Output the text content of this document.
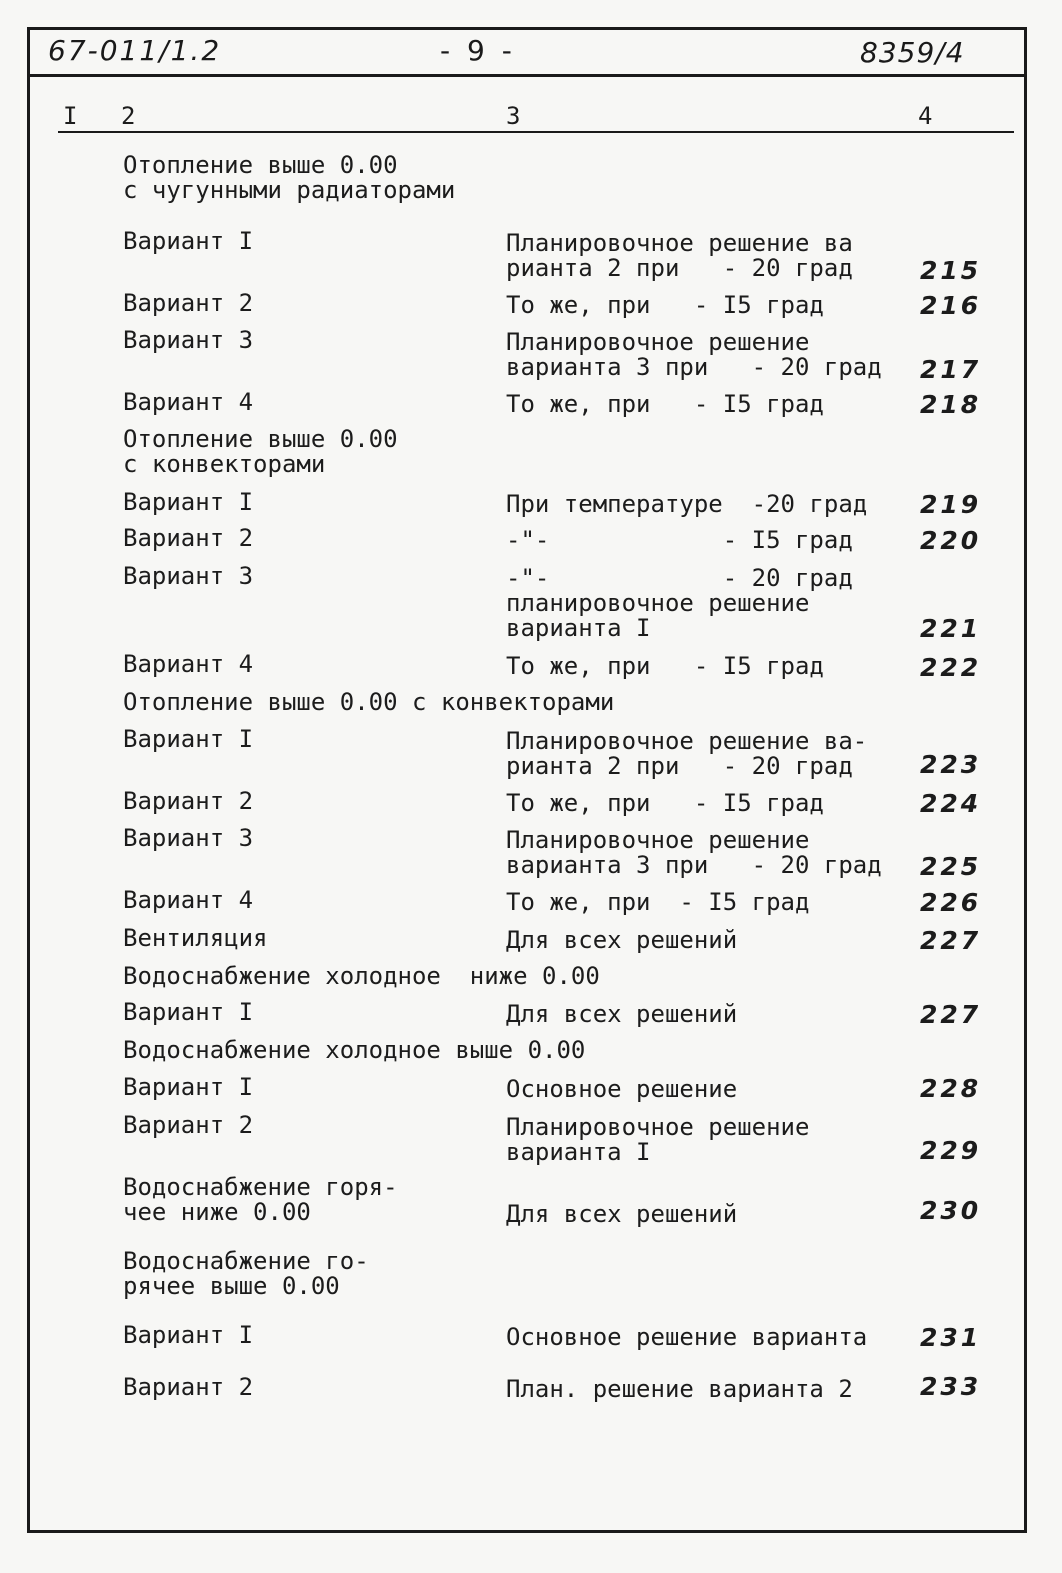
67-011/1.2	- 9 -	8359/4
I 2	3	4
Отопление выше 0.00
с чугунными радиаторами
Вариант I	Планировочное решение ва
рианта 2 при   - 20 град	215
Вариант 2	То же, при   - I5 град	216
Вариант 3	Планировочное решение
варианта 3 при   - 20 град 217
Вариант 4	То же, при   - I5 град	218
Отопление выше 0.00
с конвекторами
Вариант I	При температуре  -20 град 219
Вариант 2	-"-            - I5 град	220
Вариант 3	-"-            - 20 град
планировочное решение
варианта I	221
Вариант 4	То же, при   - I5 град	222
Отопление выше 0.00 с конвекторами
Вариант I	Планировочное решение ва-
рианта 2 при   - 20 град	223
Вариант 2	То же, при   - I5 град	224
Вариант 3	Планировочное решение
варианта 3 при   - 20 град 225
Вариант 4	То же, при  - I5 град	226
Вентиляция	Для всех решений	227
Водоснабжение холодное  ниже 0.00
Вариант I	Для всех решений	227
Водоснабжение холодное выше 0.00
Вариант I	Основное решение	228
Вариант 2	Планировочное решение
варианта I	229
Водоснабжение горя-
чее ниже 0.00	Для всех решений	230
Водоснабжение го-
рячее выше 0.00
Вариант I	Основное решение варианта 231
Вариант 2	План. решение варианта 2	233
